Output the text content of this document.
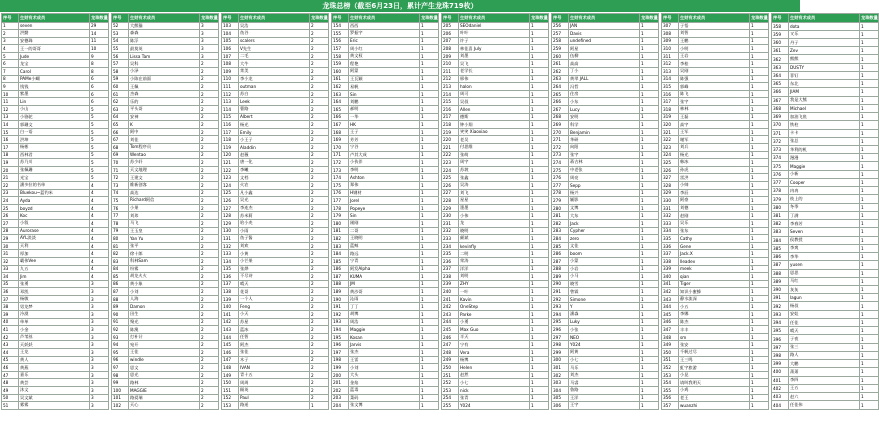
龙珠总榜（截至6月23日，累计产生龙珠719枚）
序号	生财有术成员	龙珠数量
1	seven	29
2	洪勤	14
3	安德珠	11
4	王一的哥哥	10
5	Jude	9
6	龙宝	8
7	Carol	8
8	PAMe小蝴	6
9	钱钱	6
10	紫墨	6
11	Lin	6
12	小山	5
13	小骆驼	5
14	郭珊文	5
15	白一语	5
16	洪坤	5
17	杨彬	5
18	西林君	5
19	苏乃川	5
20	张佩珊	5
21	光宝	5
22	潘多拉的书单	4
23	Bluekou~蓝钓米	4
24	Ayda	4
25	boyzd	4
26	Koc	4
27	小叙	4
28	Aurorase	4
29	AYL淡淡	4
30	天利	4
31	厚加	4
32	霸伟Vee	4
33	九五	4
34	Jim	4
35	张勇	3
36	邓凯	3
37	杨敏	3
38	男龙梦	3
39	冷漠	3
40	单单	3
41	小金	3
42	芦苇丝	3
43	天妖妖	3
44	王龙	3
45	黄人	3
46	黄燕	3
47	嘉乐	3
48	黄芸	3
49	沐文	3
50	吴文斌	3
51	雾雾	3
序号	生财有术成员	龙珠数量
52	大熊猫	3
53	森森	3
54	陈浮	3
55	最莫英	3
56	Lissa Tam	3
57	吴科	2
58	小泽	2
59	小陈在前面	2
60	王佩	2
61	杰森	2
62	乐的	2
63	平头哥	2
64	安神	2
65	K	2
66	阿中	2
67	刘佳	2
68	Tom程序员	2
69	Wentao	2
70	苏少轩	2
71	天文地理	2
72	王建文	2
73	维新创客	2
74	高达	2
75	Richard阿信	2
76	小果	2
77	刘玮	2
78	马飞	2
79	王玉皇	2
80	Yan Yu	2
81	张平	2
82	徐十郎	2
83	科林Sam	2
84	纷雾	2
85	胡龙火火	2
86	黄小象	2
87	小刘	2
88	人海	2
89	Damon	2
90	田生	2
91	聚光	2
92	陈澳	2
93	打补计	2
94	宛开	2
95	王佳	2
96	windle	2
97	思文	2
98	思光	2
99	路林	2
100	MAGGIE	2
101	路爱瑞	2
102	天心	2
序号	生财有术成员	龙珠数量
103	吴浩	2
104	鱼谷	2
105	scalers	2
106	V先生	2
107	二毛	2
108	大牛	2
109	茉美	2
110	李小龙	2
111	outman	2
112	苏白	2
113	Leek	2
114	曹路	2
115	Albert	2
116	杨光	2
117	Emily	2
118	小王子	2
119	Aladdin	2
120	赵薇	2
121	唐一化	2
122	李曦	2
123	文档	2
124	火农	2
125	凡小鑫	2
126	吴光	2
127	李连杰	2
128	苏米莉	2
129	哈小麦	2
130	小雨	2
131	鱼子酱	2
132	刘欢	2
133	小黄	2
134	小芒果	2
135	张烨	2
136	不尽诗	2
137	晴天	2
138	花哥	2
139	一个人	2
140	Feng	2
141	小天	2
142	苏星	2
143	蓝冰	2
144	任智	2
145	阿杰	2
146	张佳	2
147	木子	2
148	IVAN	2
149	青十五	2
150	周周	2
151	顾英	2
152	Paul	2
153	路遥	1
序号	生财有术成员	龙珠数量
154	西西	1
155	罗振宇	1
156	Eric	1
157	周小红	1
158	黄文权	1
159	程艳	1
160	阿蒙	1
161	王瓦颖	1
162	易帆	1
163	Sin	1
164	刘鹏	1
165	郝明	1
166	一华	1
167	HK	1
168	王子	1
169	芳芳	1
170	宁谷	1
171	卢其大成	1
172	小伙伴	1
173	李明	1
174	Ashton	1
175	郑伟	1
176	H钢材	1
177	Jorel	1
178	Popeye	1
179	Sin	1
180	刚刚	1
181	二哥	1
182	王晓明	1
183	蓝鲸	1
184	路远	1
185	宁青	1
186	阿发Alpha	1
187	KUMA	1
188	JM	1
189	黄沙哥	1
190	沁雨	1
191	丁丁	1
192	胡博	1
193	周浩	1
194	Maggie	1
195	Kosan	1
196	Jarvis	1
197	张杰	1
198	王雷	1
199	小刘	1
200	大头	1
201	金焰	1
202	蓝毒	1
203	菜码	1
204	张文博	1
序号	生财有术成员	龙珠数量
205	SEOdaniel	1
206	叶叶	1
207	许子	1
208	林佳喜 July	1
209	刘墨	1
210	吴飞	1
211	老学长	1
212	邢伟	1
213	halon	1
214	周可	1
215	吴叔	1
216	Allen	1
217	德斯	1
218	钟小翔	1
219	笑笑 Xiaoxiao	1
220	老吴	1
221	付思维	1
222	张萌	1
223	周宇	1
224	苏坡	1
225	张鑫	1
226	吴涛	1
227	刘飞	1
228	星星	1
229	墨墨	1
230	小伟	1
231	龙	1
232	晓明	1
233	颜斌	1
234	kevinfly	1
235	二明	1
236	荣涛	1
237	洋洋	1
238	刘明	1
239	ZHY	1
240	一叶	1
241	Kavin	1
242	OneStep	1
243	Parke	1
244	小勇	1
245	Max Guo	1
246	半天	1
247	宁有	1
248	Vera	1
249	杨博	1
250	Helen	1
251	赵然	1
252	小七	1
253	nick	1
254	张青	1
255	Y024	1
序号	生财有术成员	龙珠数量
256	JAN	1
257	Davis	1
258	undefined	1
259	阿星	1
260	伍柳	1
261	高高	1
262	丁小	1
263	黄翠 JALL	1
264	冯哲	1
265	住房	1
266	小东	1
267	Lucy	1
268	安明	1
269	科学	1
270	Benjamin	1
271	华研	1
272	向阳	1
273	张宇	1
274	蒋吉林	1
275	中老张	1
276	周亮	1
277	Sepp	1
278	杨兴	1
279	颖影	1
280	文博	1
281	大东	1
282	Jack	1
283	Cypher	1
284	zero	1
285	文佳	1
286	boom	1
287	小蒙	1
288	小岩	1
289	小马	1
290	晓雪	1
291	曾霖	1
292	Simone	1
293	Y	1
294	潘淼	1
295	Luky	1
296	小张	1
297	NEO	1
298	Y024	1
299	阿黄	1
300	小七	1
301	马乐	1
302	刘杰	1
303	马睿	1
304	鲁路	1
305	王洋	1
306	王宇	1
序号	生财有术成员	龙珠数量
307	子悟	1
308	刘智	1
309	王鹏	1
310	小明	1
311	王岩	1
312	李桂	1
313	吴刚	1
314	陈强	1
315	郭峰	1
316	陈飞	1
317	张宇	1
318	林林	1
319	王磊	1
320	高宇	1
321	王军	1
322	谢军	1
323	刘兵	1
324	杨光	1
325	韩冰	1
326	孙虎	1
327	雷洪	1
328	小帅	1
329	李辰	1
330	阿豪	1
331	刘德	1
332	赵刚	1
333	吴乐	1
334	张东	1
335	Cathy	1
336	Gene	1
337	Jack.X	1
338	lleadev	1
339	meek	1
340	qian	1
341	Tiger	1
342	知识小蜜蜂	1
343	静水流深	1
344	小五	1
345	李娜	1
346	陈杰	1
347	丰丰	1
348	sm	1
349	张安	1
350	千帆过尽	1
351	王三鸣	1
352	虹宇旅游	1
353	小昆	1
354	请叫我明天	1
355	小鸡	1
356	老王	1
357	wuanzhi	1
序号	生财有术成员	龙珠数量
358	dota	1
359	又乐	1
360	丹子	1
361	Zev	1
362	熊熊	1
363	DUSTY	1
364	菲钉	1
365	东北	1
366	JIAM	1
367	我是大熊	1
368	Michael	1
369	加油飞鱼	1
370	铁柱	1
371	卡卡	1
372	张总	1
373	华利的机	1
374	漫漫	1
375	Maggie	1
376	小新	1
377	Cooper	1
378	冉冉	1
379	枝上的	1
380	冬季	1
381	丁满	1
382	李春芳	1
383	Seven	1
384	侯教授	1
385	李爽	1
386	李华	1
387	yusen	1
388	思思	1
389	马红	1
390	灰灰	1
391	lagun	1
392	杨叔	1
393	安娃	1
394	任佳	1
395	晴天	1
396	子夜	1
397	张三	1
398	路人	1
399	大鹏	1
400	萧萧	1
401	李四	1
402	王五	1
403	赵六	1
404	任佳伟	1
